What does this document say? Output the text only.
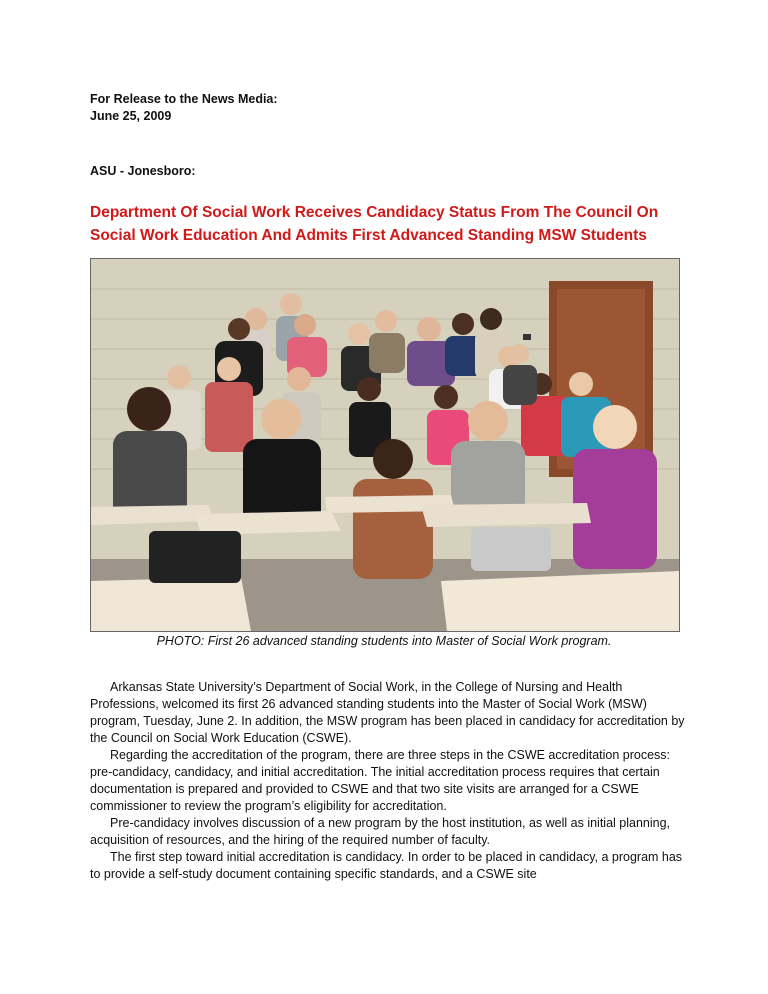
For Release to the News Media:
June 25, 2009
ASU - Jonesboro:
Department Of Social Work Receives Candidacy Status From The Council On
Social Work Education And Admits First Advanced Standing MSW Students
PHOTO: First 26 advanced standing students into Master of Social Work program.

Arkansas State University’s Department of Social Work, in the College of Nursing and Health Professions, welcomed its first 26 advanced standing students into the Master of Social Work (MSW) program, Tuesday, June 2. In addition, the MSW program has been placed in candidacy for accreditation by the Council on Social Work Education (CSWE).

Regarding the accreditation of the program, there are three steps in the CSWE accreditation process: pre-candidacy, candidacy, and initial accreditation. The initial accreditation process requires that certain documentation is prepared and provided to CSWE and that two site visits are arranged for a CSWE commissioner to review the program’s eligibility for accreditation.

Pre-candidacy involves discussion of a new program by the host institution, as well as initial planning, acquisition of resources, and the hiring of the required number of faculty.

The first step toward initial accreditation is candidacy. In order to be placed in candidacy, a program has to provide a self-study document containing specific standards, and a CSWE site
